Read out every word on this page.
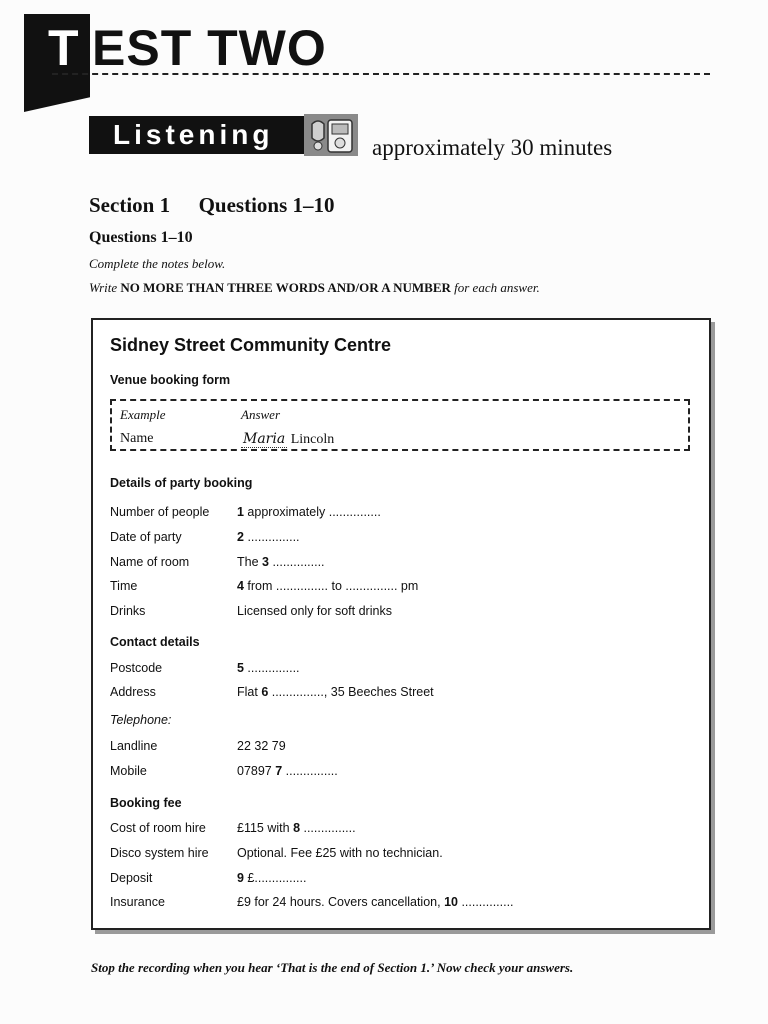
T EST TWO
Listening	approximately 30 minutes
Section 1 Questions 1–10
Questions 1–10
Complete the notes below.
Write NO MORE THAN THREE WORDS AND/OR A NUMBER for each answer.
Sidney Street Community Centre
Venue booking form
Example	Answer
Name	Maria Lincoln
Details of party booking
Number of people 1 approximately ...............
Date of party	2 ...............
Name of room	The 3 ...............
Time	4 from ............... to ............... pm
Drinks	Licensed only for soft drinks
Contact details
Postcode	5 ...............
Address	Flat 6 ..............., 35 Beeches Street
Telephone:
Landline	22 32 79
Mobile	07897 7 ...............
Booking fee
Cost of room hire £115 with 8 ...............
Disco system hire Optional. Fee £25 with no technician.
Deposit	9 £...............
Insurance	£9 for 24 hours. Covers cancellation, 10 ...............
Stop the recording when you hear ‘That is the end of Section 1.’ Now check your answers.
